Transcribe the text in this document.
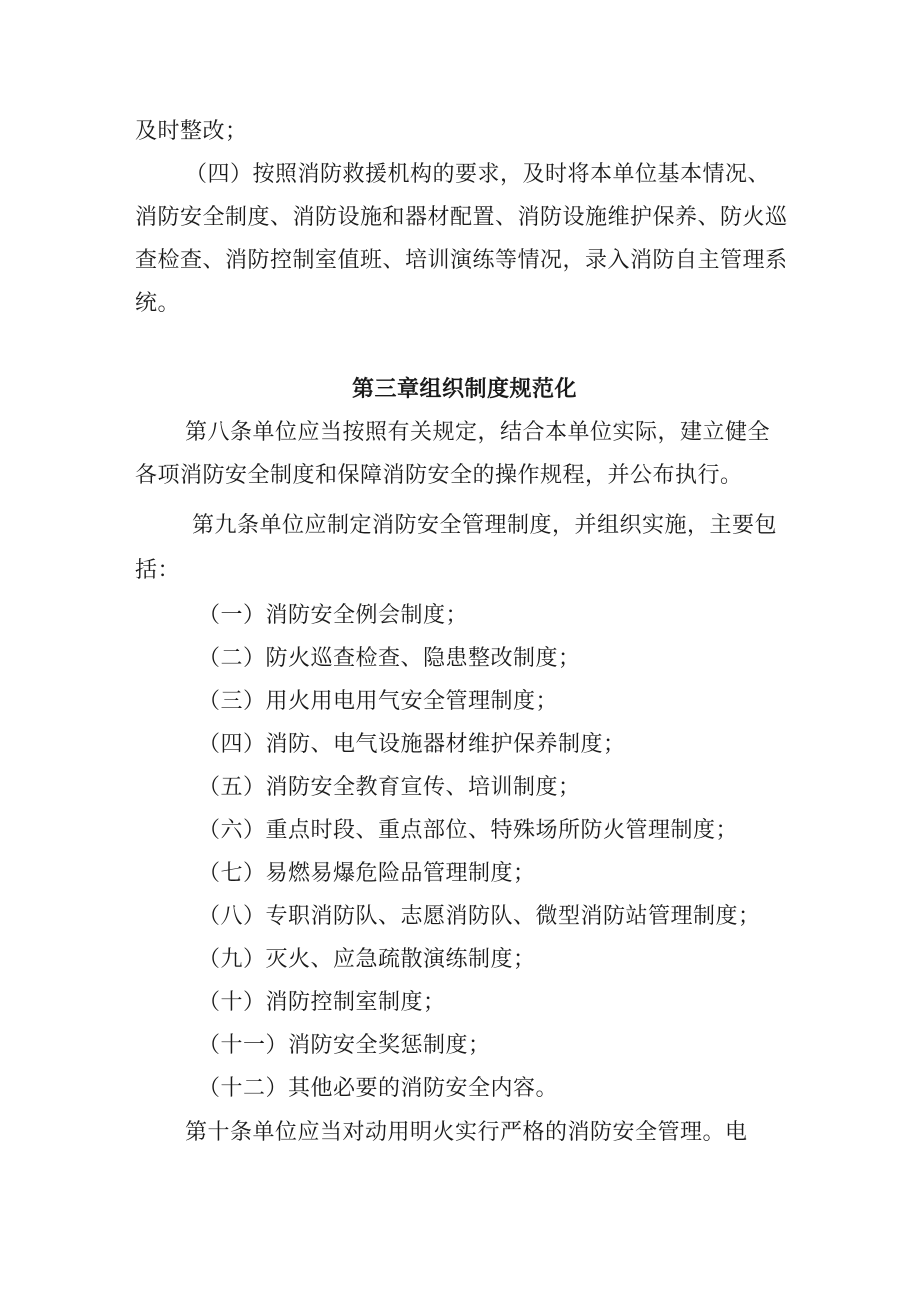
及时整改；
（四）按照消防救援机构的要求，及时将本单位基本情况、
消防安全制度、消防设施和器材配置、消防设施维护保养、防火巡
查检查、消防控制室值班、培训演练等情况，录入消防自主管理系
统。
第三章组织制度规范化
第八条单位应当按照有关规定，结合本单位实际，建立健全
各项消防安全制度和保障消防安全的操作规程，并公布执行。
第九条单位应制定消防安全管理制度，并组织实施，主要包
括：
（一）消防安全例会制度；
（二）防火巡查检查、隐患整改制度；
（三）用火用电用气安全管理制度；
（四）消防、电气设施器材维护保养制度；
（五）消防安全教育宣传、培训制度；
（六）重点时段、重点部位、特殊场所防火管理制度；
（七）易燃易爆危险品管理制度；
（八）专职消防队、志愿消防队、微型消防站管理制度；
（九）灭火、应急疏散演练制度；
（十）消防控制室制度；
（十一）消防安全奖惩制度；
（十二）其他必要的消防安全内容。
第十条单位应当对动用明火实行严格的消防安全管理。电
